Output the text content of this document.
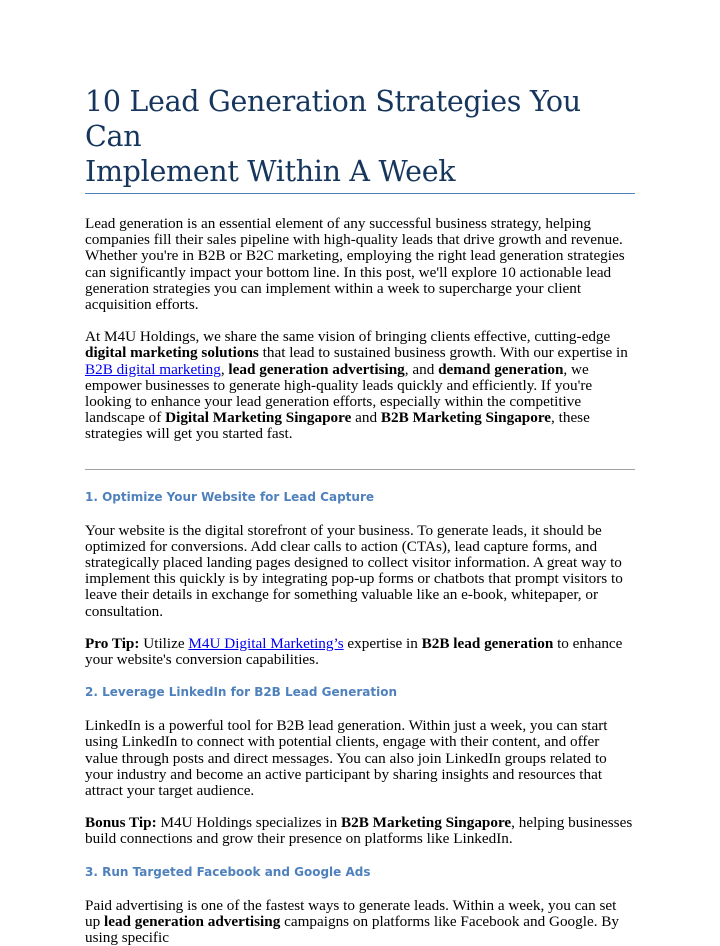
10 Lead Generation Strategies You Can
Implement Within A Week

Lead generation is an essential element of any successful business strategy, helping companies fill their sales pipeline with high-quality leads that drive growth and revenue. Whether you're in B2B or B2C marketing, employing the right lead generation strategies can significantly impact your bottom line. In this post, we'll explore 10 actionable lead generation strategies you can implement within a week to supercharge your client acquisition efforts.

At M4U Holdings, we share the same vision of bringing clients effective, cutting-edge digital marketing solutions that lead to sustained business growth. With our expertise in B2B digital marketing, lead generation advertising, and demand generation, we empower businesses to generate high-quality leads quickly and efficiently. If you're looking to enhance your lead generation efforts, especially within the competitive landscape of Digital Marketing Singapore and B2B Marketing Singapore, these strategies will get you started fast.

1. Optimize Your Website for Lead Capture

Your website is the digital storefront of your business. To generate leads, it should be optimized for conversions. Add clear calls to action (CTAs), lead capture forms, and strategically placed landing pages designed to collect visitor information. A great way to implement this quickly is by integrating pop-up forms or chatbots that prompt visitors to leave their details in exchange for something valuable like an e-book, whitepaper, or consultation.

Pro Tip: Utilize M4U Digital Marketing’s expertise in B2B lead generation to enhance your website's conversion capabilities.

2. Leverage LinkedIn for B2B Lead Generation

LinkedIn is a powerful tool for B2B lead generation. Within just a week, you can start using LinkedIn to connect with potential clients, engage with their content, and offer value through posts and direct messages. You can also join LinkedIn groups related to your industry and become an active participant by sharing insights and resources that attract your target audience.

Bonus Tip: M4U Holdings specializes in B2B Marketing Singapore, helping businesses build connections and grow their presence on platforms like LinkedIn.

3. Run Targeted Facebook and Google Ads

Paid advertising is one of the fastest ways to generate leads. Within a week, you can set up lead generation advertising campaigns on platforms like Facebook and Google. By using specific
